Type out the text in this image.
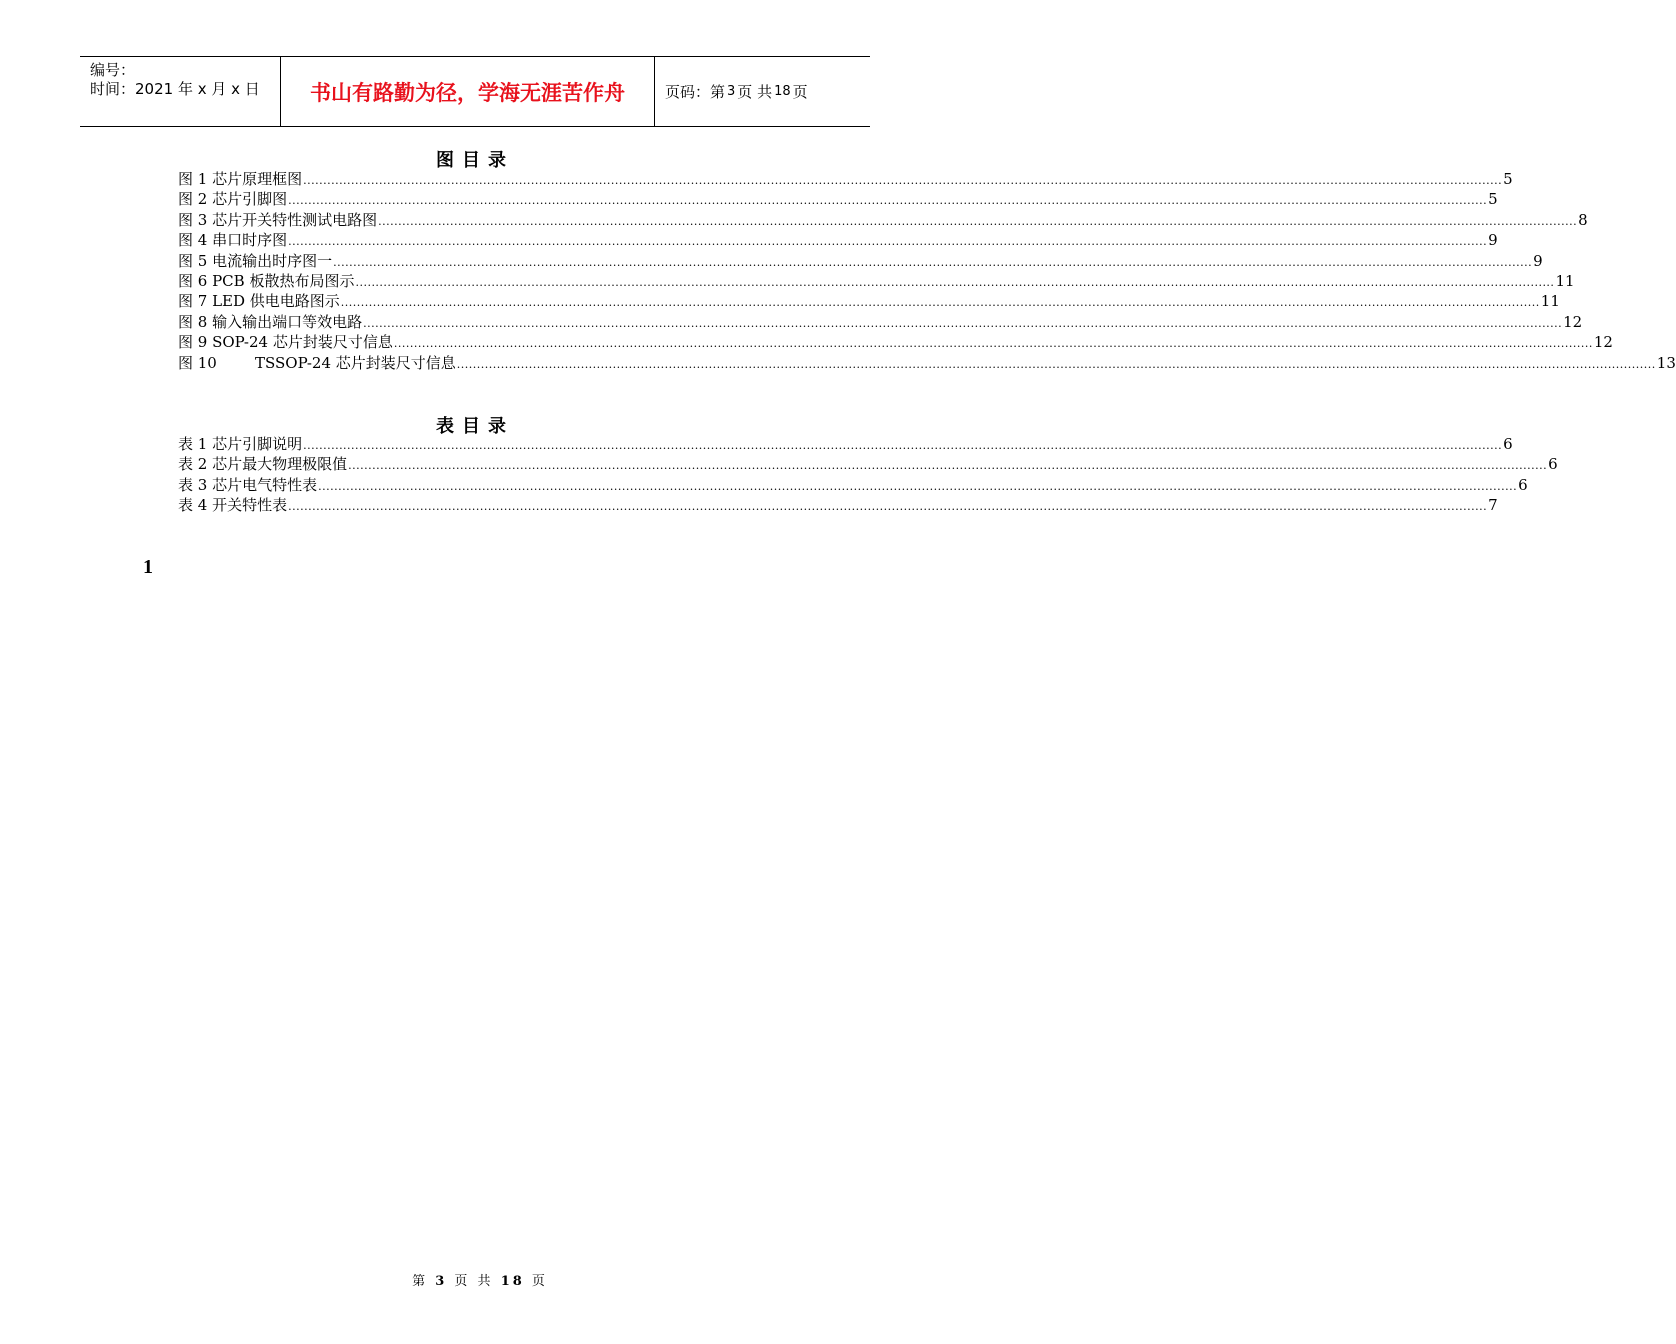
编号：
时间：2021 年 x 月 x 日	书山有路勤为径，学海无涯苦作舟	页码：第 3 页 共 18 页
图目录
图 1 芯片原理框图 ............................................................................................................................................................................................................................................................................................................ 5
图 2 芯片引脚图 ............................................................................................................................................................................................................................................................................................................ 5
图 3 芯片开关特性测试电路图 ............................................................................................................................................................................................................................................................................................................ 8
图 4 串口时序图 ............................................................................................................................................................................................................................................................................................................ 9
图 5 电流输出时序图一 ............................................................................................................................................................................................................................................................................................................ 9
图 6 PCB 板散热布局图示 ............................................................................................................................................................................................................................................................................................................ 11
图 7 LED 供电电路图示 ............................................................................................................................................................................................................................................................................................................ 11
图 8 输入输出端口等效电路 ............................................................................................................................................................................................................................................................................................................ 12
图 9 SOP-24 芯片封装尺寸信息 ............................................................................................................................................................................................................................................................................................................ 12
图 10        TSSOP-24 芯片封装尺寸信息 ............................................................................................................................................................................................................................................................................................................ 13
表目录
表 1 芯片引脚说明 ............................................................................................................................................................................................................................................................................................................ 6
表 2 芯片最大物理极限值 ............................................................................................................................................................................................................................................................................................................ 6
表 3 芯片电气特性表 ............................................................................................................................................................................................................................................................................................................ 6
表 4 开关特性表 ............................................................................................................................................................................................................................................................................................................ 7
1
第 3 页 共 18 页
